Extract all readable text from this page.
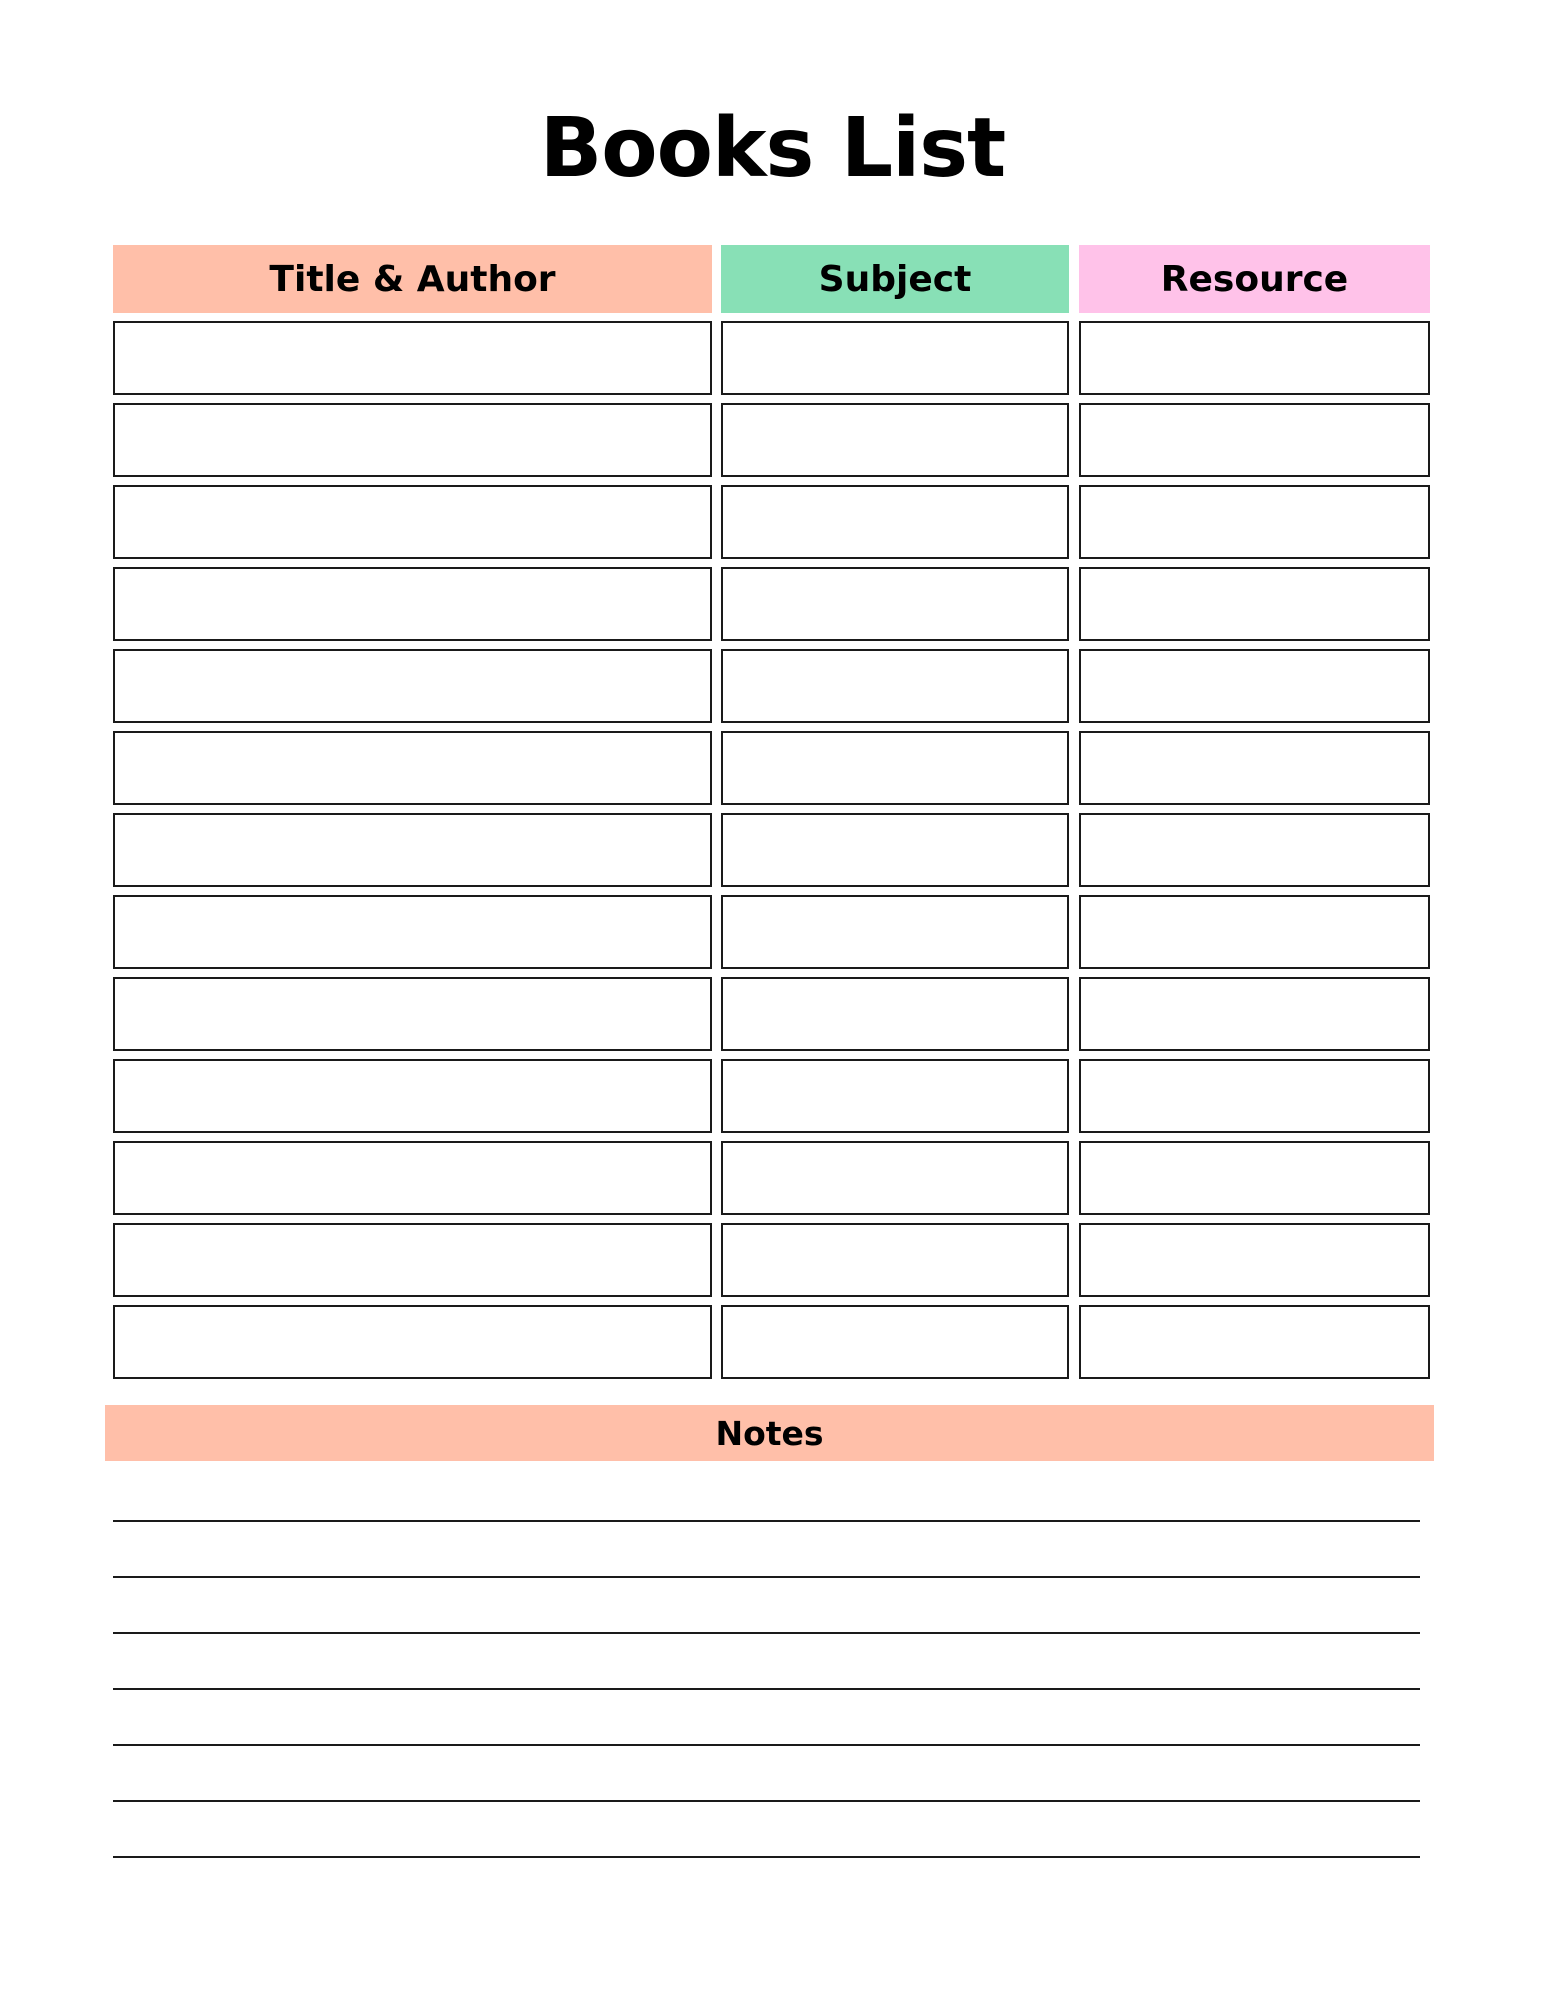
Books List
Title & Author	Subject	Resource
Notes
